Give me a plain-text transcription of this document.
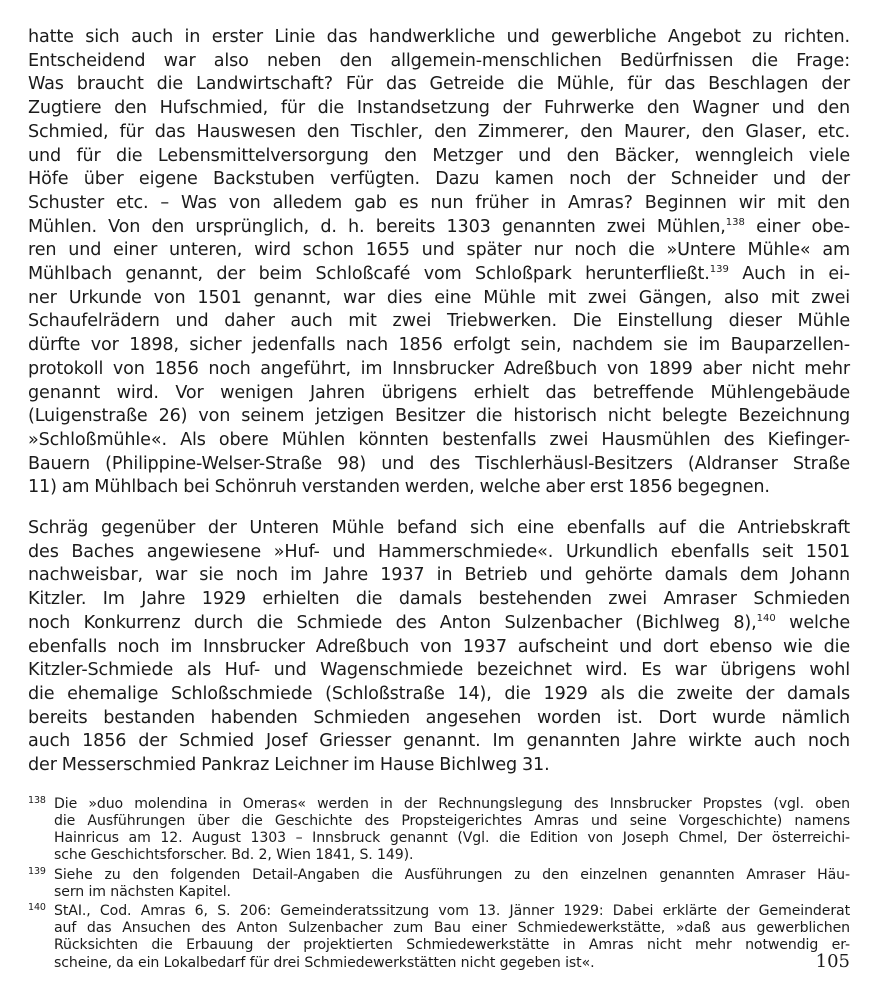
hatte sich auch in erster Linie das handwerkliche und gewerbliche Angebot zu richten.
Entscheidend war also neben den allgemein-menschlichen Bedürfnissen die Frage:
Was braucht die Landwirtschaft? Für das Getreide die Mühle, für das Beschlagen der
Zugtiere den Hufschmied, für die Instandsetzung der Fuhrwerke den Wagner und den
Schmied, für das Hauswesen den Tischler, den Zimmerer, den Maurer, den Glaser, etc.
und für die Lebensmittelversorgung den Metzger und den Bäcker, wenngleich viele
Höfe über eigene Backstuben verfügten. Dazu kamen noch der Schneider und der
Schuster etc. – Was von alledem gab es nun früher in Amras? Beginnen wir mit den
Mühlen. Von den ursprünglich, d. h. bereits 1303 genannten zwei Mühlen,$^{138}$ einer obe-
ren und einer unteren, wird schon 1655 und später nur noch die »Untere Mühle« am
Mühlbach genannt, der beim Schloßcafé vom Schloßpark herunterfließt.$^{139}$ Auch in ei-
ner Urkunde von 1501 genannt, war dies eine Mühle mit zwei Gängen, also mit zwei
Schaufelrädern und daher auch mit zwei Triebwerken. Die Einstellung dieser Mühle
dürfte vor 1898, sicher jedenfalls nach 1856 erfolgt sein, nachdem sie im Bauparzellen-
protokoll von 1856 noch angeführt, im Innsbrucker Adreßbuch von 1899 aber nicht mehr
genannt wird. Vor wenigen Jahren übrigens erhielt das betreffende Mühlengebäude
(Luigenstraße 26) von seinem jetzigen Besitzer die historisch nicht belegte Bezeichnung
»Schloßmühle«. Als obere Mühlen könnten bestenfalls zwei Hausmühlen des Kiefinger-
Bauern (Philippine-Welser-Straße 98) und des Tischlerhäusl-Besitzers (Aldranser Straße
11) am Mühlbach bei Schönruh verstanden werden, welche aber erst 1856 begegnen.

Schräg gegenüber der Unteren Mühle befand sich eine ebenfalls auf die Antriebskraft
des Baches angewiesene »Huf- und Hammerschmiede«. Urkundlich ebenfalls seit 1501
nachweisbar, war sie noch im Jahre 1937 in Betrieb und gehörte damals dem Johann
Kitzler. Im Jahre 1929 erhielten die damals bestehenden zwei Amraser Schmieden
noch Konkurrenz durch die Schmiede des Anton Sulzenbacher (Bichlweg 8),$^{140}$ welche
ebenfalls noch im Innsbrucker Adreßbuch von 1937 aufscheint und dort ebenso wie die
Kitzler-Schmiede als Huf- und Wagenschmiede bezeichnet wird. Es war übrigens wohl
die ehemalige Schloßschmiede (Schloßstraße 14), die 1929 als die zweite der damals
bereits bestanden habenden Schmieden angesehen worden ist. Dort wurde nämlich
auch 1856 der Schmied Josef Griesser genannt. Im genannten Jahre wirkte auch noch
der Messerschmied Pankraz Leichner im Hause Bichlweg 31.

138 Die »duo molendina in Omeras« werden in der Rechnungslegung des Innsbrucker Propstes (vgl. oben
die Ausführungen über die Geschichte des Propsteigerichtes Amras und seine Vorgeschichte) namens
Hainricus am 12. August 1303 – Innsbruck genannt (Vgl. die Edition von Joseph Chmel, Der österreichi-
sche Geschichtsforscher. Bd. 2, Wien 1841, S. 149).
139 Siehe zu den folgenden Detail-Angaben die Ausführungen zu den einzelnen genannten Amraser Häu-
sern im nächsten Kapitel.
140 StAI., Cod. Amras 6, S. 206: Gemeinderatssitzung vom 13. Jänner 1929: Dabei erklärte der Gemeinderat
auf das Ansuchen des Anton Sulzenbacher zum Bau einer Schmiedewerkstätte, »daß aus gewerblichen
Rücksichten die Erbauung der projektierten Schmiedewerkstätte in Amras nicht mehr notwendig er-
scheine, da ein Lokalbedarf für drei Schmiedewerkstätten nicht gegeben ist«.	105
